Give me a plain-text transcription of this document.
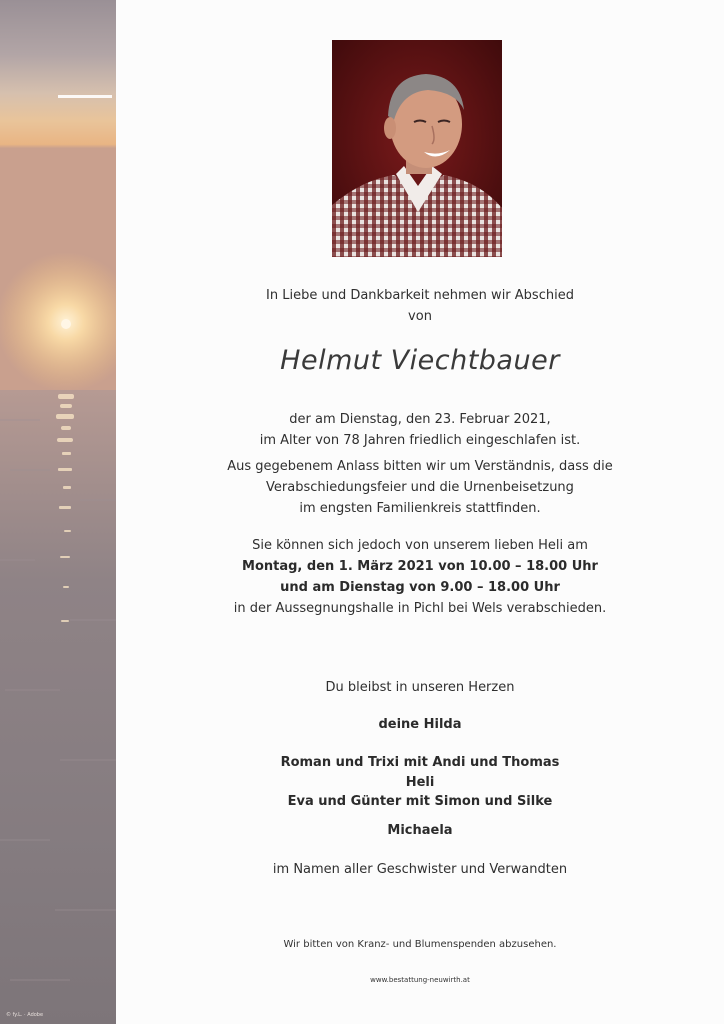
© fy.L. · Adobe
In Liebe und Dankbarkeit nehmen wir Abschied
von
Helmut Viechtbauer
der am Dienstag, den 23. Februar 2021,
im Alter von 78 Jahren friedlich eingeschlafen ist.
Aus gegebenem Anlass bitten wir um Verständnis, dass die
Verabschiedungsfeier und die Urnenbeisetzung
im engsten Familienkreis stattfinden.
Sie können sich jedoch von unserem lieben Heli am
Montag, den 1. März 2021 von 10.00 – 18.00 Uhr
und am Dienstag von 9.00 – 18.00 Uhr
in der Aussegnungshalle in Pichl bei Wels verabschieden.
Du bleibst in unseren Herzen
deine Hilda
Roman und Trixi mit Andi und Thomas
Heli
Eva und Günter mit Simon und Silke
Michaela
im Namen aller Geschwister und Verwandten
Wir bitten von Kranz- und Blumenspenden abzusehen.
www.bestattung-neuwirth.at
